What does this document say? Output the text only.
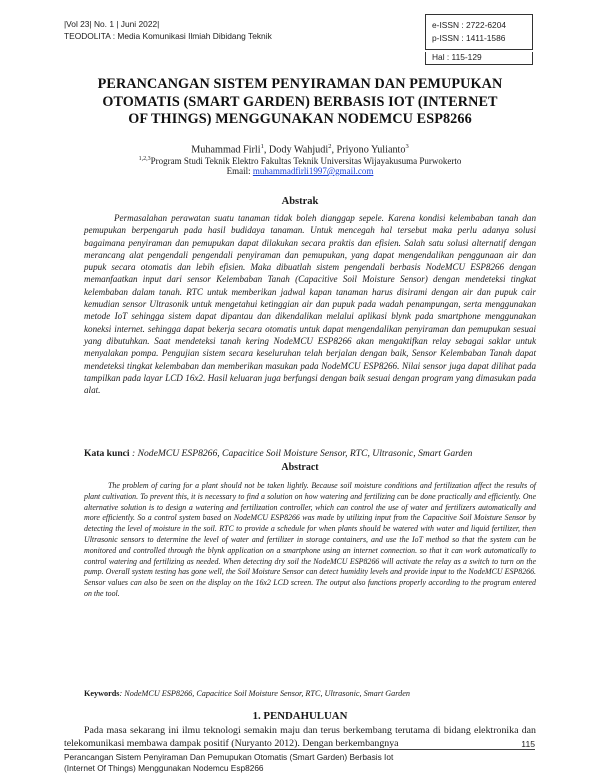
|Vol 23| No. 1 | Juni 2022|
TEODOLITA : Media Komunikasi Ilmiah Dibidang Teknik
e-ISSN : 2722-6204
p-ISSN : 1411-1586
Hal : 115-129
PERANCANGAN SISTEM PENYIRAMAN DAN PEMUPUKAN
OTOMATIS (SMART GARDEN) BERBASIS IOT (INTERNET
OF THINGS) MENGGUNAKAN NODEMCU ESP8266
Muhammad Firli$^1$, Dody Wahjudi$^2$, Priyono Yulianto$^3$
$^{1,2,3}$Program Studi Teknik Elektro Fakultas Teknik Universitas Wijayakusuma Purwokerto
Email: muhammadfirli1997@gmail.com
Abstrak
Permasalahan perawatan suatu tanaman tidak boleh dianggap sepele. Karena kondisi kelembaban tanah dan pemupukan berpengaruh pada hasil budidaya tanaman. Untuk mencegah hal tersebut maka perlu adanya solusi bagaimana penyiraman dan pemupukan dapat dilakukan secara praktis dan efisien. Salah satu solusi alternatif dengan merancang alat pengendali pengendali penyiraman dan pemupukan, yang dapat mengendalikan penggunaan air dan pupuk secara otomatis dan lebih efisien. Maka dibuatlah sistem pengendali berbasis NodeMCU ESP8266 dengan memanfaatkan input dari sensor Kelembaban Tanah (Capacitive Soil Moisture Sensor) dengan mendeteksi tingkat kelembaban dalam tanah. RTC untuk memberikan jadwal kapan tanaman harus disirami dengan air dan pupuk cair kemudian sensor Ultrasonik untuk mengetahui ketinggian air dan pupuk pada wadah penampungan, serta menggunakan metode IoT sehingga sistem dapat dipantau dan dikendalikan melalui aplikasi blynk pada smartphone menggunakan koneksi internet. sehingga dapat bekerja secara otomatis untuk dapat mengendalikan penyiraman dan pemupukan sesuai yang dibutuhkan. Saat mendeteksi tanah kering NodeMCU ESP8266 akan mengaktifkan relay sebagai saklar untuk menyalakan pompa. Pengujian sistem secara keseluruhan telah berjalan dengan baik, Sensor Kelembaban Tanah dapat mendeteksi tingkat kelembaban dan memberikan masukan pada NodeMCU ESP8266. Nilai sensor juga dapat dilihat pada tampilkan pada layar LCD 16x2. Hasil keluaran juga berfungsi dengan baik sesuai dengan program yang dimasukan pada alat.
Kata kunci : NodeMCU ESP8266, Capacitice Soil Moisture Sensor, RTC, Ultrasonic, Smart Garden
Abstract
The problem of caring for a plant should not be taken lightly. Because soil moisture conditions and fertilization affect the results of plant cultivation. To prevent this, it is necessary to find a solution on how watering and fertilizing can be done practically and efficiently. One alternative solution is to design a watering and fertilization controller, which can control the use of water and fertilizers automatically and more efficiently. So a control system based on NodeMCU ESP8266 was made by utilizing input from the Capacitive Soil Moisture Sensor by detecting the level of moisture in the soil. RTC to provide a schedule for when plants should be watered with water and liquid fertilizer, then Ultrasonic sensors to determine the level of water and fertilizer in storage containers, and use the IoT method so that the system can be monitored and controlled through the blynk application on a smartphone using an internet connection. so that it can work automatically to control watering and fertilizing as needed. When detecting dry soil the NodeMCU ESP8266 will activate the relay as a switch to turn on the pump. Overall system testing has gone well, the Soil Moisture Sensor can detect humidity levels and provide input to the NodeMCU ESP8266. Sensor values can also be seen on the display on the 16x2 LCD screen. The output also functions properly according to the program entered on the tool.
Keywords: NodeMCU ESP8266, Capacitice Soil Moisture Sensor, RTC, Ultrasonic, Smart Garden
1. PENDAHULUAN
Pada masa sekarang ini ilmu teknologi semakin maju dan terus berkembang terutama di bidang elektronika dan telekomunikasi membawa dampak positif (Nuryanto 2012). Dengan berkembangnya	115
Perancangan Sistem Penyiraman Dan Pemupukan Otomatis (Smart Garden) Berbasis Iot
(Internet Of Things) Menggunakan Nodemcu Esp8266
